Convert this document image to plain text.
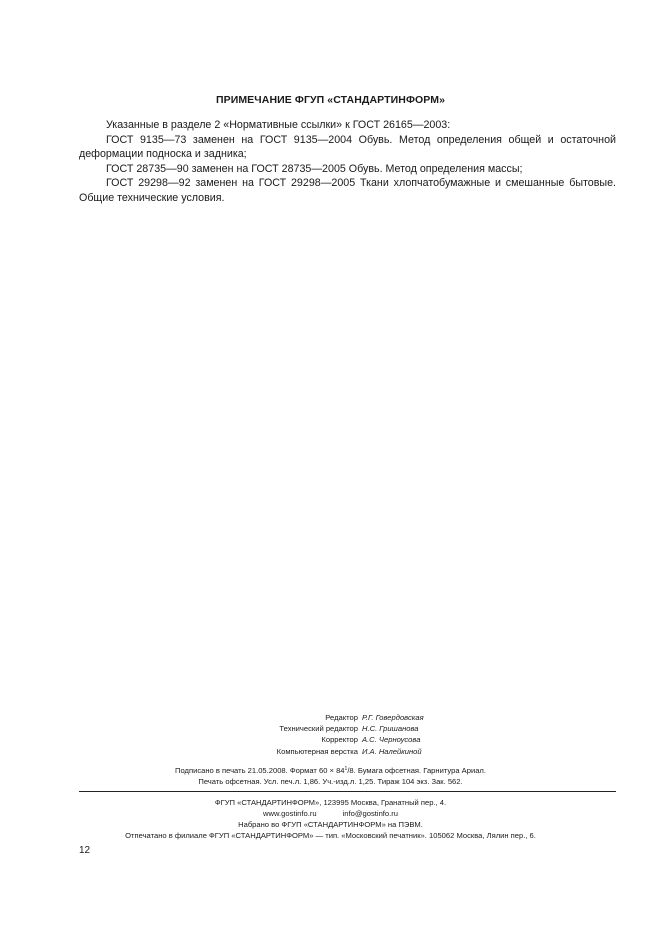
ПРИМЕЧАНИЕ ФГУП «СТАНДАРТИНФОРМ»

Указанные в разделе 2 «Нормативные ссылки» к ГОСТ 26165—2003:

ГОСТ 9135—73 заменен на ГОСТ 9135—2004 Обувь. Метод определения общей и остаточной деформации подноска и задника;

ГОСТ 28735—90 заменен на ГОСТ 28735—2005 Обувь. Метод определения массы;

ГОСТ 29298—92 заменен на ГОСТ 29298—2005 Ткани хлопчатобумажные и смешанные бытовые. Общие технические условия.

Редактор Р.Г. Говердовская
Технический редактор Н.С. Гришанова
Корректор А.С. Черноусова
Компьютерная верстка И.А. Налейкиной
Подписано в печать 21.05.2008. Формат $60 \times 84^1/8$. Бумага офсетная. Гарнитура Ариал.
Печать офсетная. Усл. печ.л. 1,86. Уч.-изд.л. 1,25. Тираж 104 экз. Зак. 562.
ФГУП «СТАНДАРТИНФОРМ», 123995 Москва, Гранатный пер., 4.
www.gostinfo.ru	info@gostinfo.ru
Набрано во ФГУП «СТАНДАРТИНФОРМ» на ПЭВМ.
Отпечатано в филиале ФГУП «СТАНДАРТИНФОРМ» — тип. «Московский печатник». 105062 Москва, Лялин пер., 6.
12
